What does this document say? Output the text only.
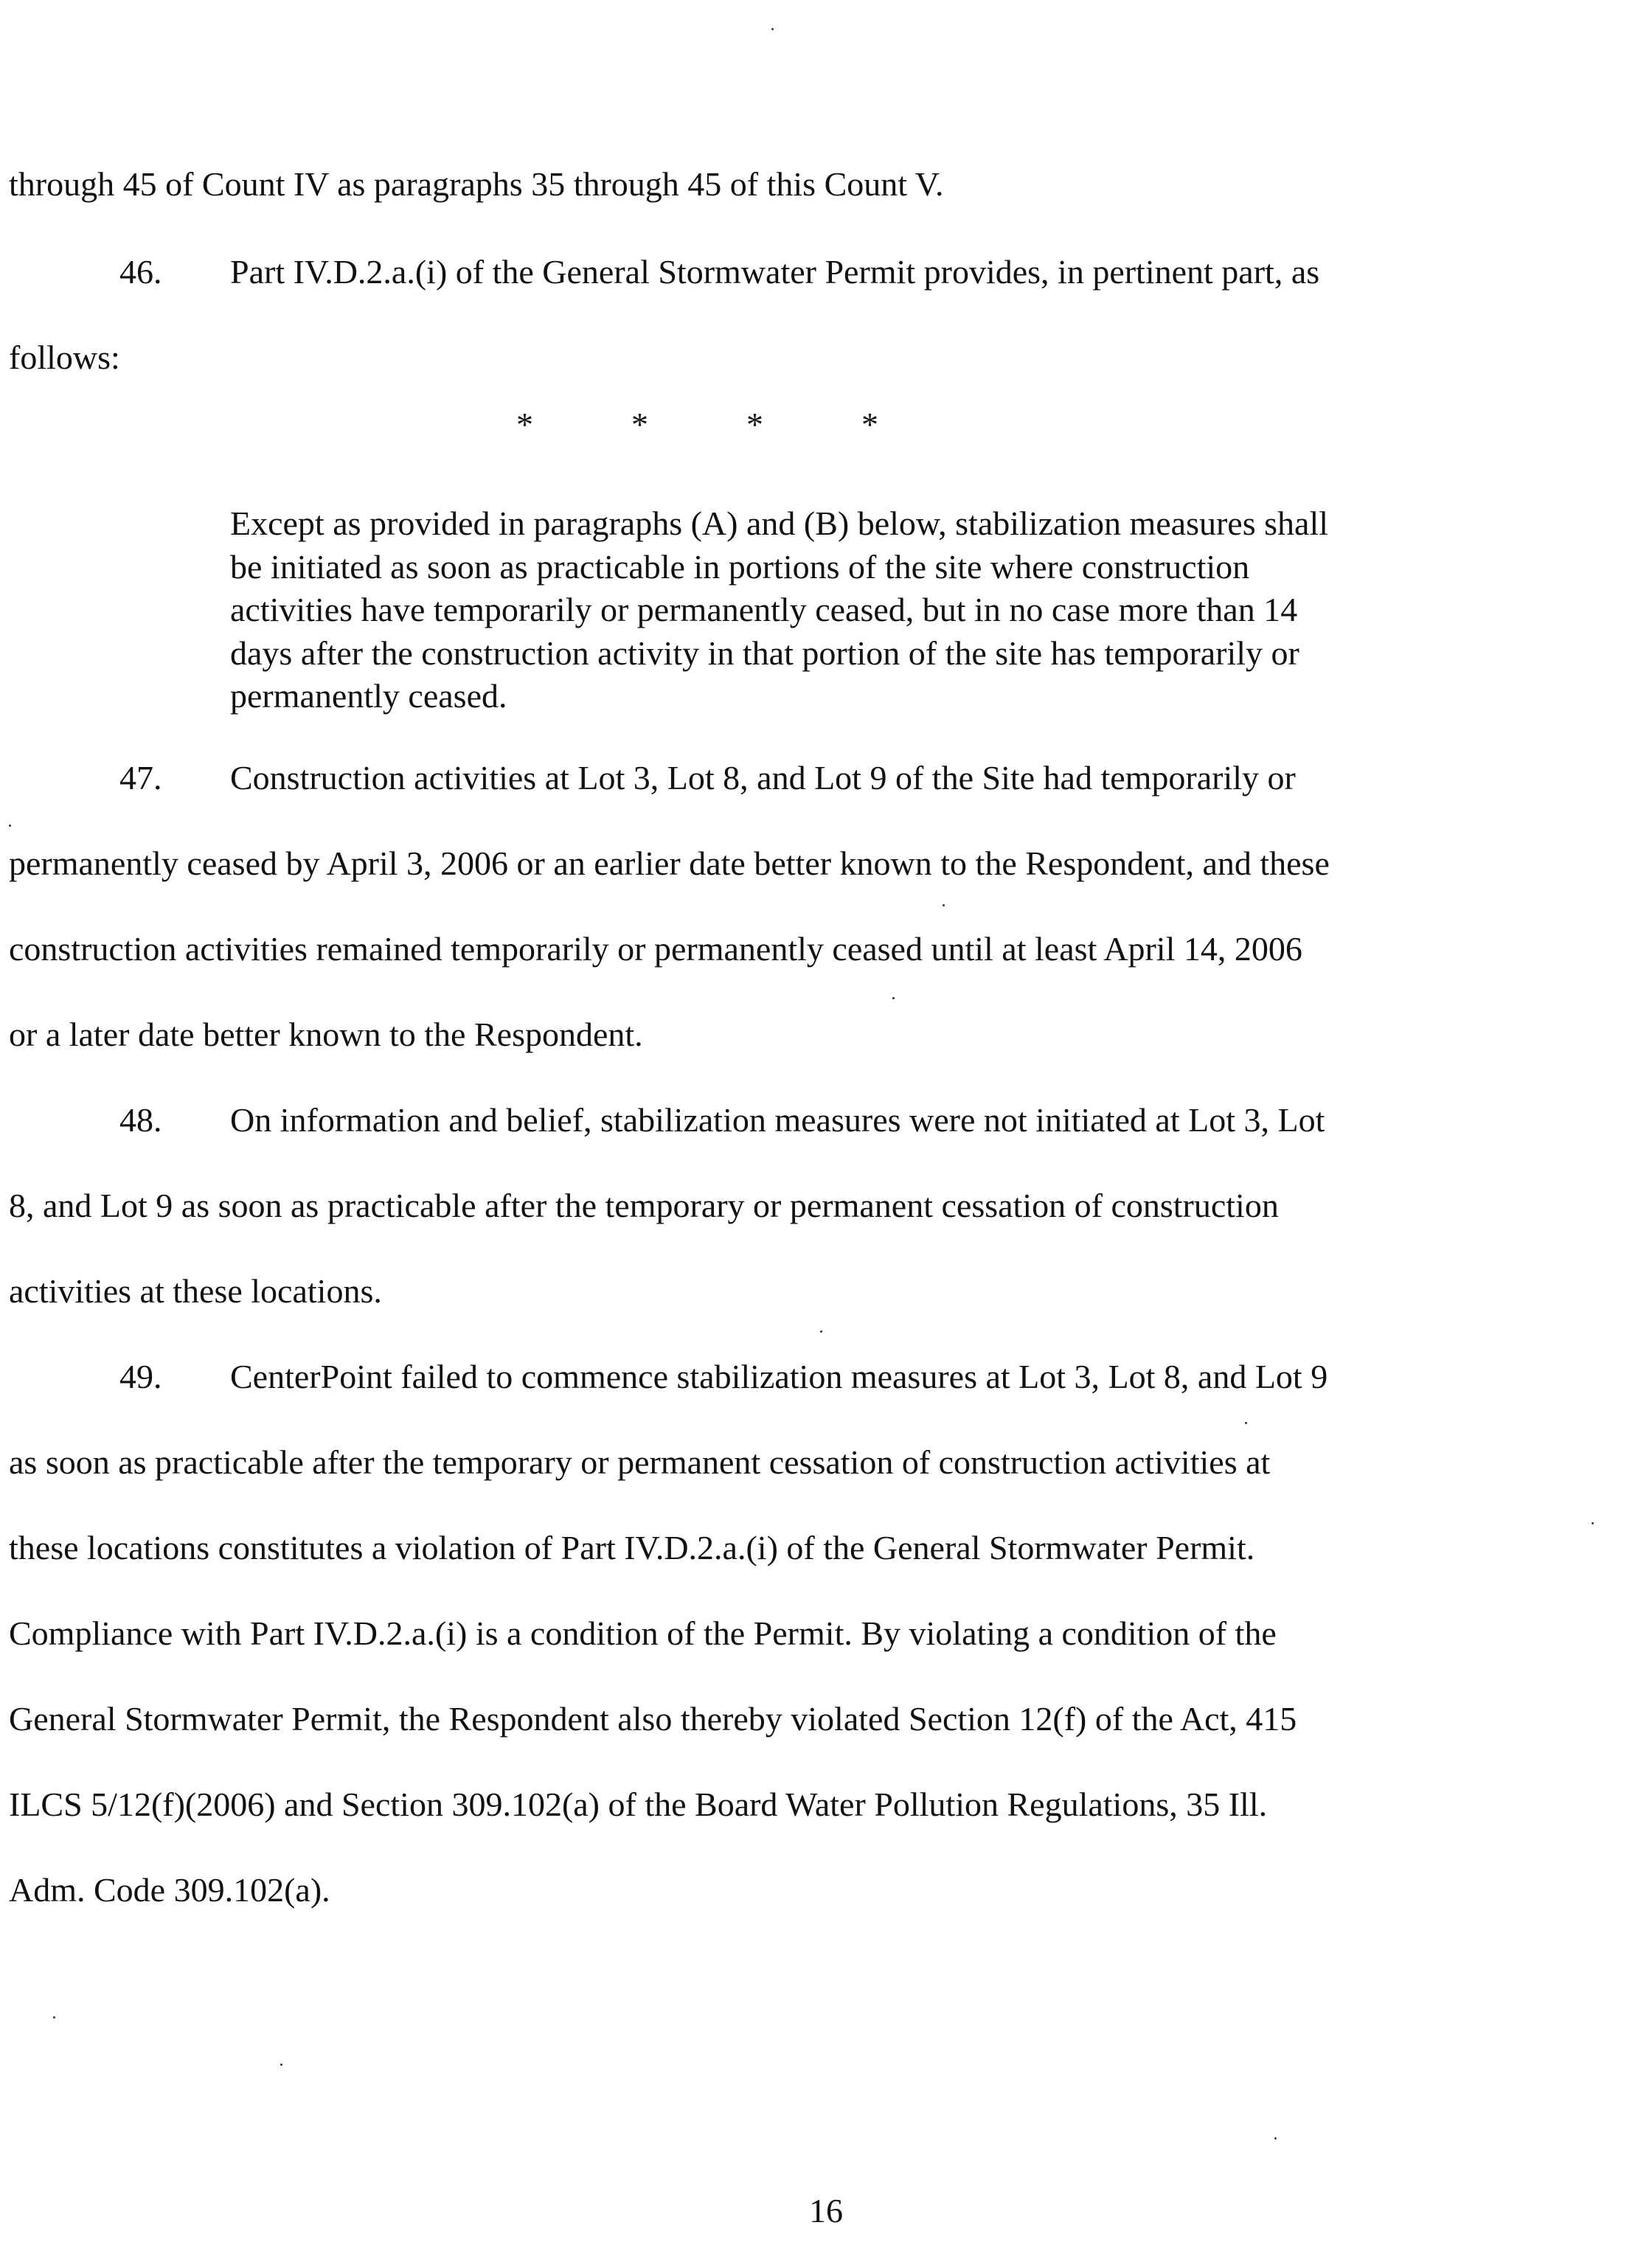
through 45 of Count IV as paragraphs 35 through 45 of this Count V.
46. Part IV.D.2.a.(i) of the General Stormwater Permit provides, in pertinent part, as
follows:
*	*	*	*
Except as provided in paragraphs (A) and (B) below, stabilization measures shall
be initiated as soon as practicable in portions of the site where construction
activities have temporarily or permanently ceased, but in no case more than 14
days after the construction activity in that portion of the site has temporarily or
permanently ceased.
47. Construction activities at Lot 3, Lot 8, and Lot 9 of the Site had temporarily or
permanently ceased by April 3, 2006 or an earlier date better known to the Respondent, and these
construction activities remained temporarily or permanently ceased until at least April 14, 2006
or a later date better known to the Respondent.
48. On information and belief, stabilization measures were not initiated at Lot 3, Lot
8, and Lot 9 as soon as practicable after the temporary or permanent cessation of construction
activities at these locations.
49. CenterPoint failed to commence stabilization measures at Lot 3, Lot 8, and Lot 9
as soon as practicable after the temporary or permanent cessation of construction activities at
these locations constitutes a violation of Part IV.D.2.a.(i) of the General Stormwater Permit.
Compliance with Part IV.D.2.a.(i) is a condition of the Permit. By violating a condition of the
General Stormwater Permit, the Respondent also thereby violated Section 12(f) of the Act, 415
ILCS 5/12(f)(2006) and Section 309.102(a) of the Board Water Pollution Regulations, 35 Ill.
Adm. Code 309.102(a).
16
